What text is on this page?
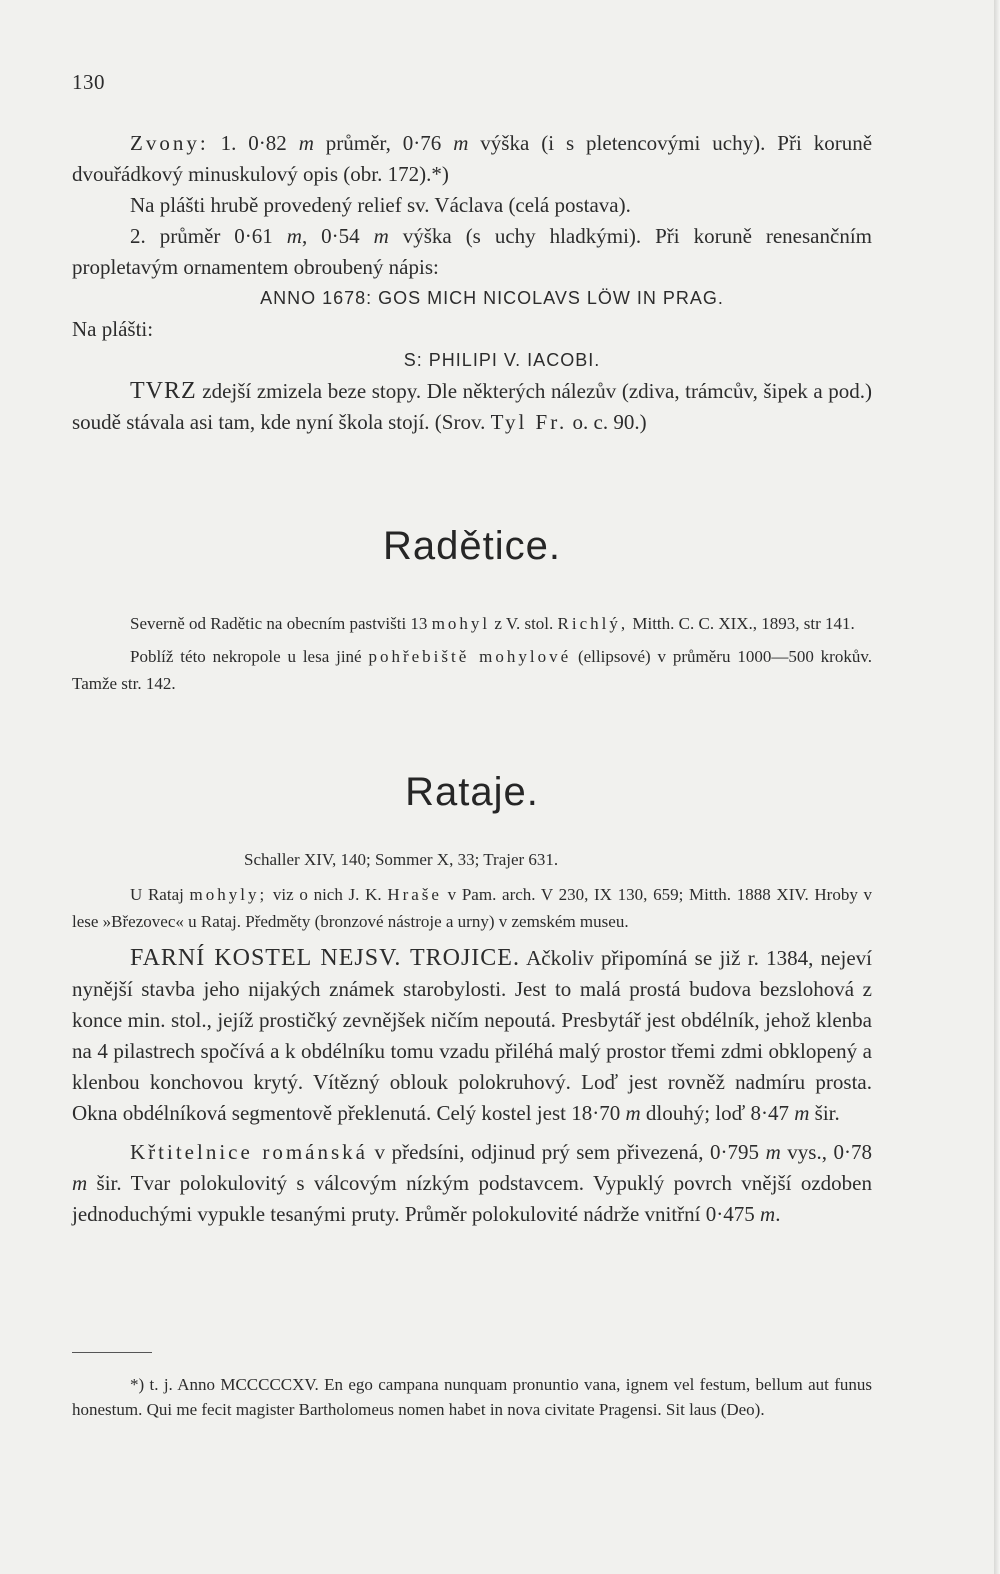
130

Zvony: 1. 0·82 m průměr, 0·76 m výška (i s pletencovými uchy). Při koruně dvouřádkový minuskulový opis (obr. 172).*)

Na plášti hrubě provedený relief sv. Václava (celá postava).

2. průměr 0·61 m, 0·54 m výška (s uchy hladkými). Při koruně renesančním propletavým ornamentem obroubený nápis:

ANNO 1678: GOS MICH NICOLAVS LÖW IN PRAG.

Na plášti:

S: PHILIPI V. IACOBI.

TVRZ zdejší zmizela beze stopy. Dle některých nálezův (zdiva, trámcův, šipek a pod.) soudě stávala asi tam, kde nyní škola stojí. (Srov. Tyl Fr. o. c. 90.)

Radětice.

Severně od Radětic na obecním pastvišti 13 mohyl z V. stol. Richlý, Mitth. C. C. XIX., 1893, str 141.

Poblíž této nekropole u lesa jiné pohřebiště mohylové (ellipsové) v průměru 1000—500 krokův. Tamže str. 142.

Rataje.

Schaller XIV, 140; Sommer X, 33; Trajer 631.

U Rataj mohyly; viz o nich J. K. Hraše v Pam. arch. V 230, IX 130, 659; Mitth. 1888 XIV. Hroby v lese »Březovec« u Rataj. Předměty (bronzové nástroje a urny) v zemském museu.

FARNÍ KOSTEL NEJSV. TROJICE. Ačkoliv připomíná se již r. 1384, nejeví nynější stavba jeho nijakých známek starobylosti. Jest to malá prostá budova bezslohová z konce min. stol., jejíž prostičký zevnějšek ničím nepoutá. Presbytář jest obdélník, jehož klenba na 4 pilastrech spočívá a k obdélníku tomu vzadu přiléhá malý prostor třemi zdmi obklopený a klenbou konchovou krytý. Vítězný oblouk polokruhový. Loď jest rovněž nadmíru prosta. Okna obdélníková segmentově překlenutá. Celý kostel jest 18·70 m dlouhý; loď 8·47 m šir.

Křtitelnice románská v předsíni, odjinud prý sem přivezená, 0·795 m vys., 0·78 m šir. Tvar polokulovitý s válcovým nízkým podstavcem. Vypuklý povrch vnější ozdoben jednoduchými vypukle tesanými pruty. Průměr polokulovité nádrže vnitřní 0·475 m.

*) t. j. Anno MCCCCCXV. En ego campana nunquam pronuntio vana, ignem vel festum, bellum aut funus honestum. Qui me fecit magister Bartholomeus nomen habet in nova civitate Pragensi. Sit laus (Deo).
